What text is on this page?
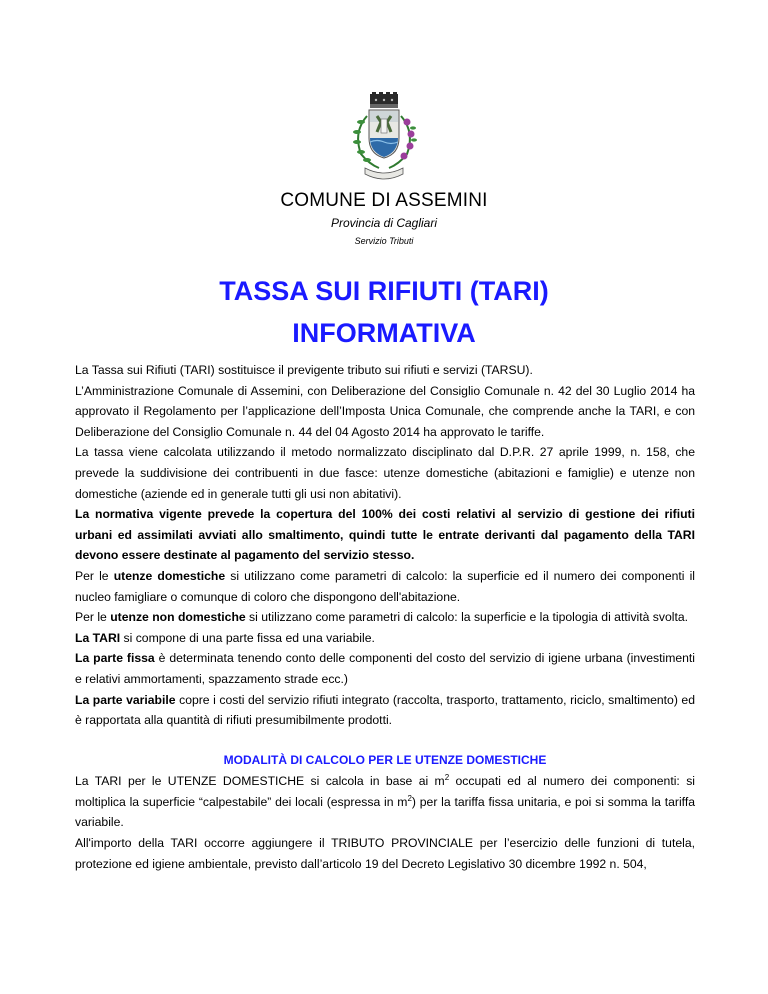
COMUNE DI ASSEMINI
Provincia di Cagliari
Servizio Tributi
TASSA SUI RIFIUTI (TARI)
INFORMATIVA

La Tassa sui Rifiuti (TARI) sostituisce il previgente tributo sui rifiuti e servizi (TARSU).

L’Amministrazione Comunale di Assemini, con Deliberazione del Consiglio Comunale n. 42 del 30 Luglio 2014 ha approvato il Regolamento per l’applicazione dell’Imposta Unica Comunale, che comprende anche la TARI, e con Deliberazione del Consiglio Comunale n. 44 del 04 Agosto 2014 ha approvato le tariffe.

La tassa viene calcolata utilizzando il metodo normalizzato disciplinato dal D.P.R. 27 aprile 1999, n. 158, che prevede la suddivisione dei contribuenti in due fasce: utenze domestiche (abitazioni e famiglie) e utenze non domestiche (aziende ed in generale tutti gli usi non abitativi).

La normativa vigente prevede la copertura del 100% dei costi relativi al servizio di gestione dei rifiuti urbani ed assimilati avviati allo smaltimento, quindi tutte le entrate derivanti dal pagamento della TARI devono essere destinate al pagamento del servizio stesso.

Per le utenze domestiche si utilizzano come parametri di calcolo: la superficie ed il numero dei componenti il nucleo famigliare o comunque di coloro che dispongono dell'abitazione.

Per le utenze non domestiche si utilizzano come parametri di calcolo: la superficie e la tipologia di attività svolta.

La TARI si compone di una parte fissa ed una variabile.

La parte fissa è determinata tenendo conto delle componenti del costo del servizio di igiene urbana (investimenti e relativi ammortamenti, spazzamento strade ecc.)

La parte variabile copre i costi del servizio rifiuti integrato (raccolta, trasporto, trattamento, riciclo, smaltimento) ed è rapportata alla quantità di rifiuti presumibilmente prodotti.

MODALITÀ DI CALCOLO PER LE UTENZE DOMESTICHE

La TARI per le UTENZE DOMESTICHE si calcola in base ai $m^2$ occupati ed al numero dei componenti: si moltiplica la superficie “calpestabile” dei locali (espressa in $m^2$) per la tariffa fissa unitaria, e poi si somma la tariffa variabile.

All'importo della TARI occorre aggiungere il TRIBUTO PROVINCIALE per l’esercizio delle funzioni di tutela, protezione ed igiene ambientale, previsto dall’articolo 19 del Decreto Legislativo 30 dicembre 1992 n. 504,
